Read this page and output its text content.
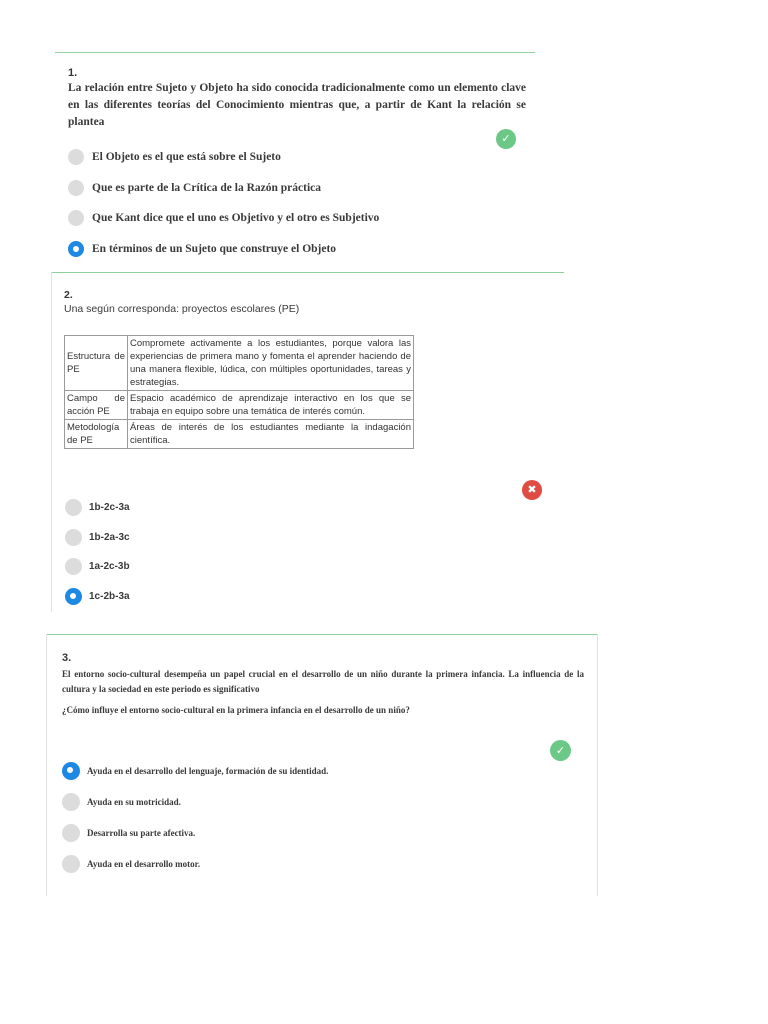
1.
La relación entre Sujeto y Objeto ha sido conocida tradicionalmente como un elemento clave en las diferentes teorías del Conocimiento mientras que, a partir de Kant la relación se plantea
✓
El Objeto es el que está sobre el Sujeto
Que es parte de la Crítica de la Razón práctica
Que Kant dice que el uno es Objetivo y el otro es Subjetivo
En términos de un Sujeto que construye el Objeto
2.
Una según corresponda: proyectos escolares (PE)
Estructura de PE	Compromete activamente a los estudiantes, porque valora las experiencias de primera mano y fomenta el aprender haciendo de una manera flexible, lúdica, con múltiples oportunidades, tareas y estrategias.
Campo de acción PE	Espacio académico de aprendizaje interactivo en los que se trabaja en equipo sobre una temática de interés común.
Metodología de PE	Áreas de interés de los estudiantes mediante la indagación científica.
✖
1b-2c-3a
1b-2a-3c
1a-2c-3b
1c-2b-3a
3.
El entorno socio-cultural desempeña un papel crucial en el desarrollo de un niño durante la primera infancia. La influencia de la cultura y la sociedad en este periodo es significativo
¿Cómo influye el entorno socio-cultural en la primera infancia en el desarrollo de un niño?
✓
Ayuda en el desarrollo del lenguaje, formación de su identidad.
Ayuda en su motricidad.
Desarrolla su parte afectiva.
Ayuda en el desarrollo motor.
